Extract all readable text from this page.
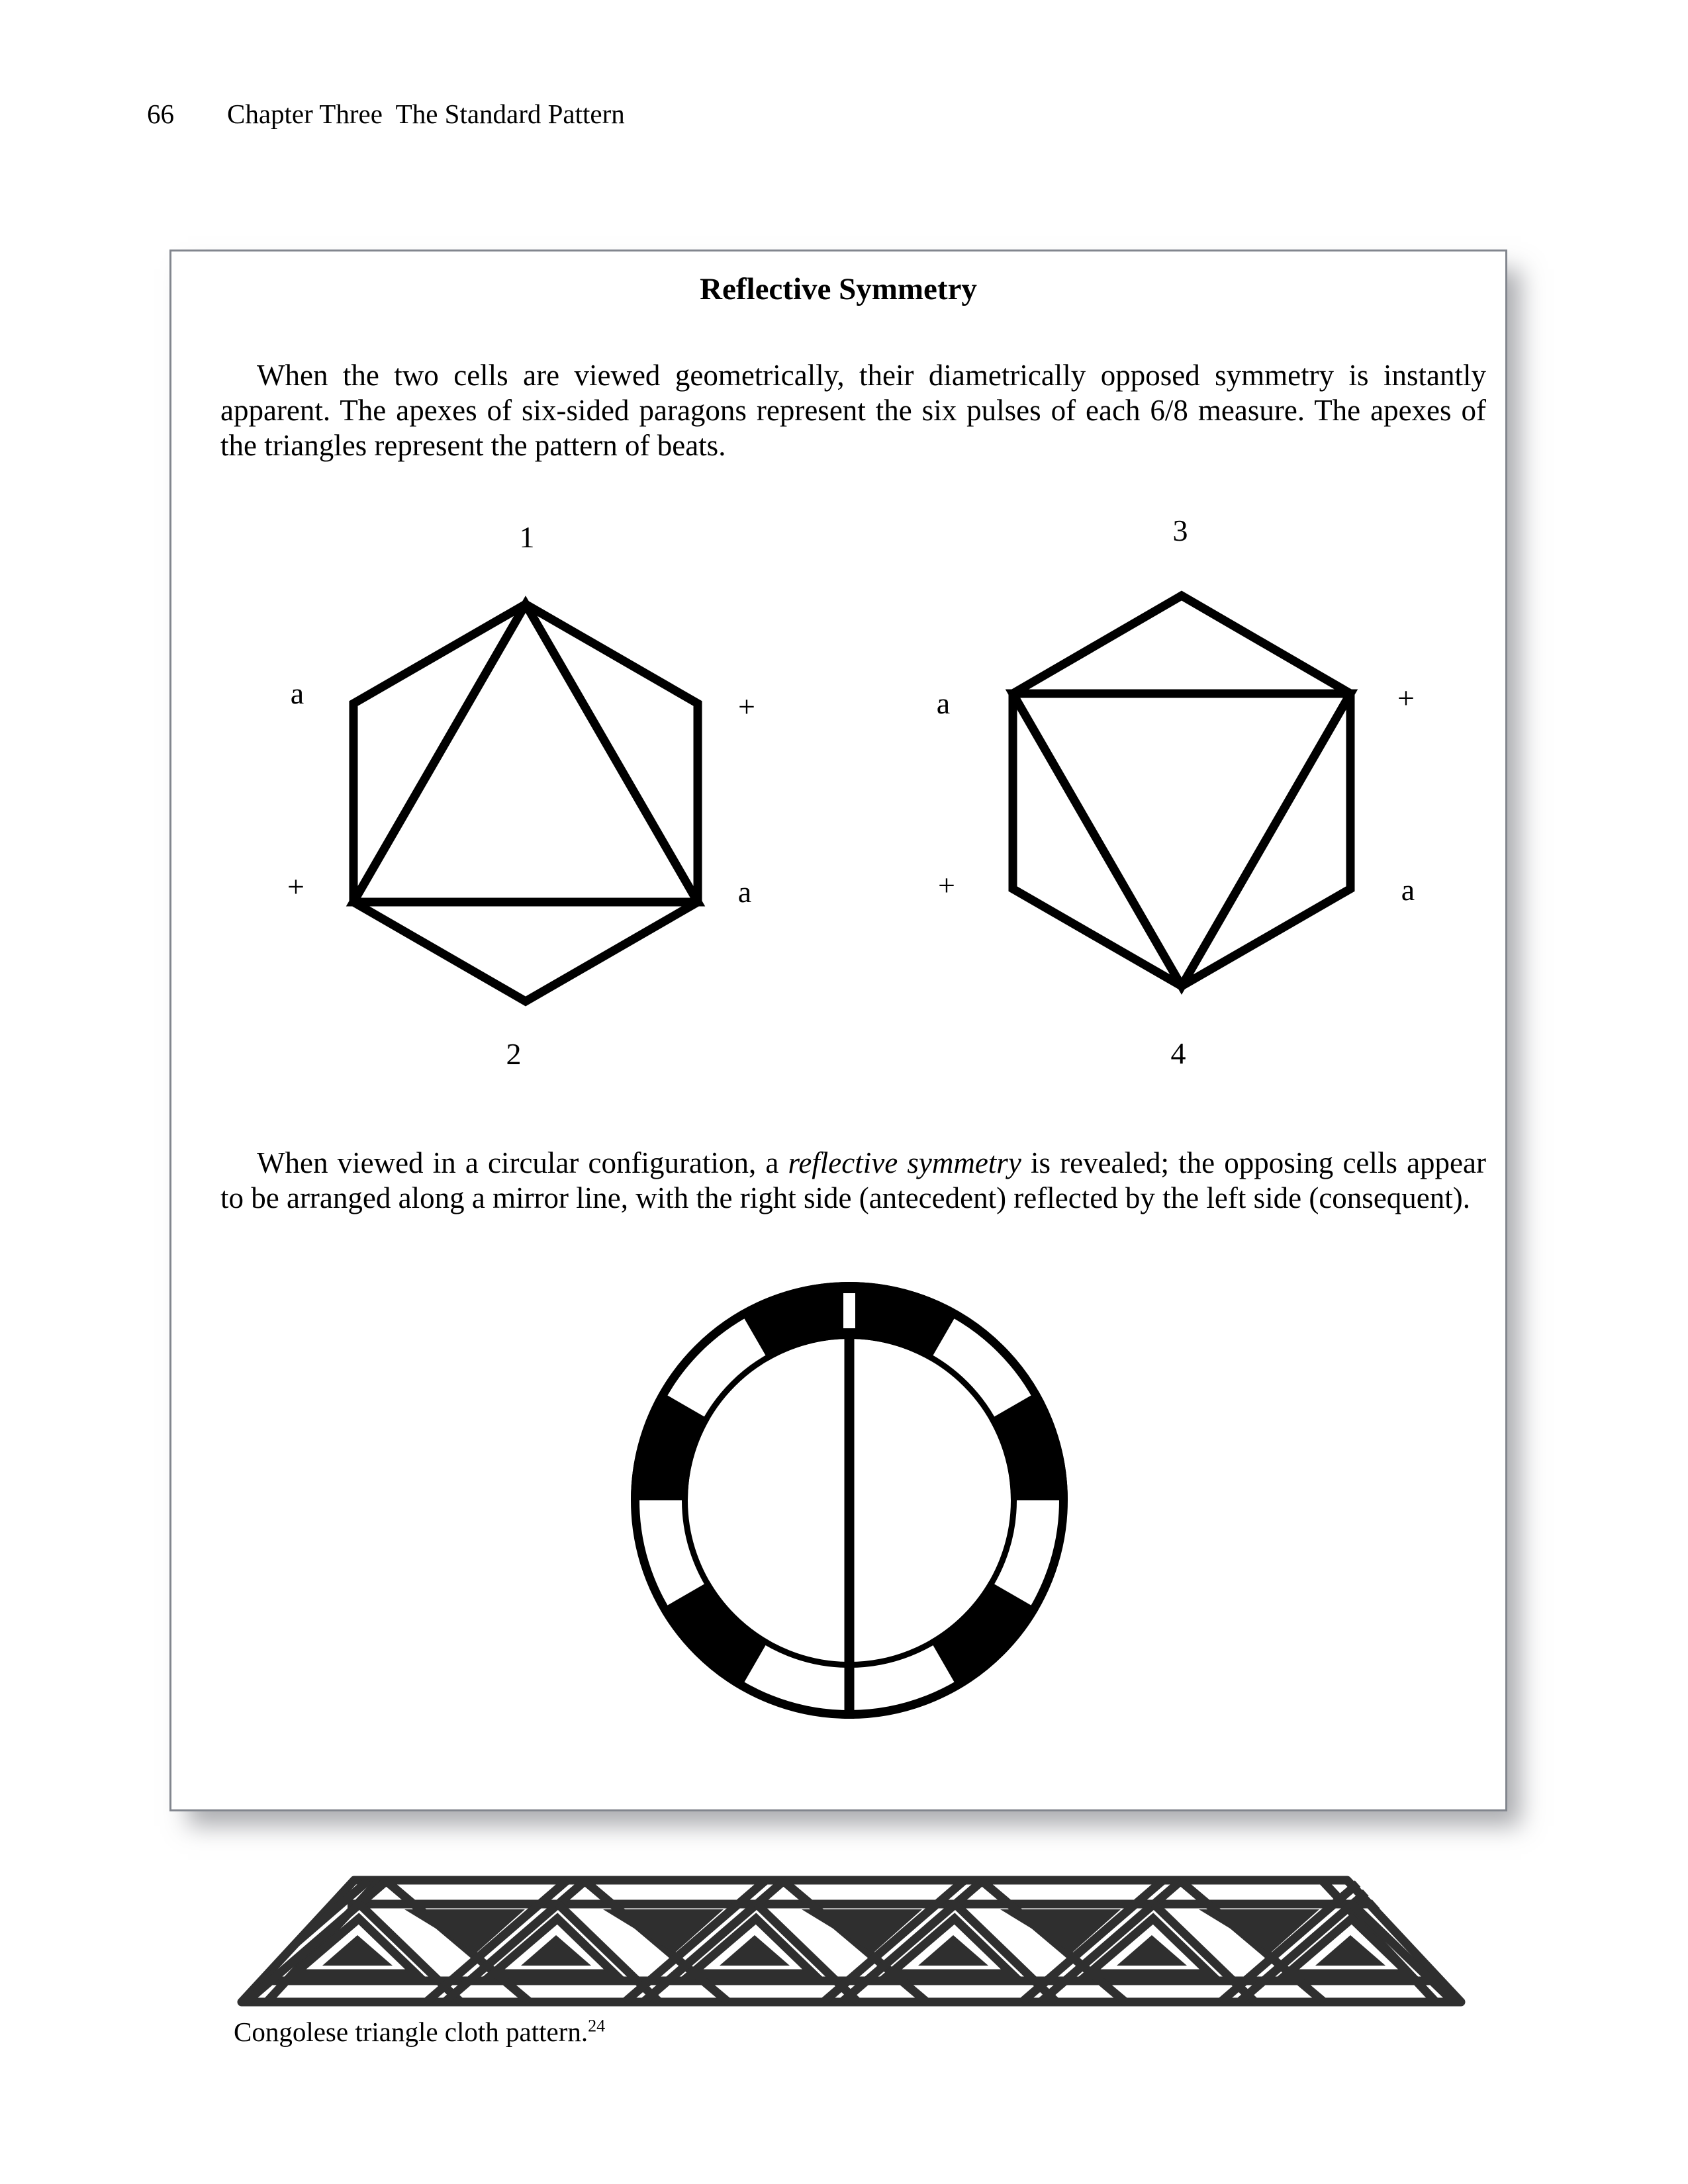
66 Chapter Three  The Standard Pattern
Reflective Symmetry

When the two cells are viewed geometrically, their diametrically opposed symmetry is instantly apparent. The apexes of six-sided paragons represent the six pulses of each 6/8 measure. The apexes of the triangles represent the pattern of beats.

When viewed in a circular configuration, a reflective symmetry is revealed; the opposing cells appear to be arranged along a mirror line, with the right side (antecedent) reflected by the left side (consequent).

1
2
a	+
+	a
3
4
a	+
+	a
Congolese triangle cloth pattern.$^{24}$
